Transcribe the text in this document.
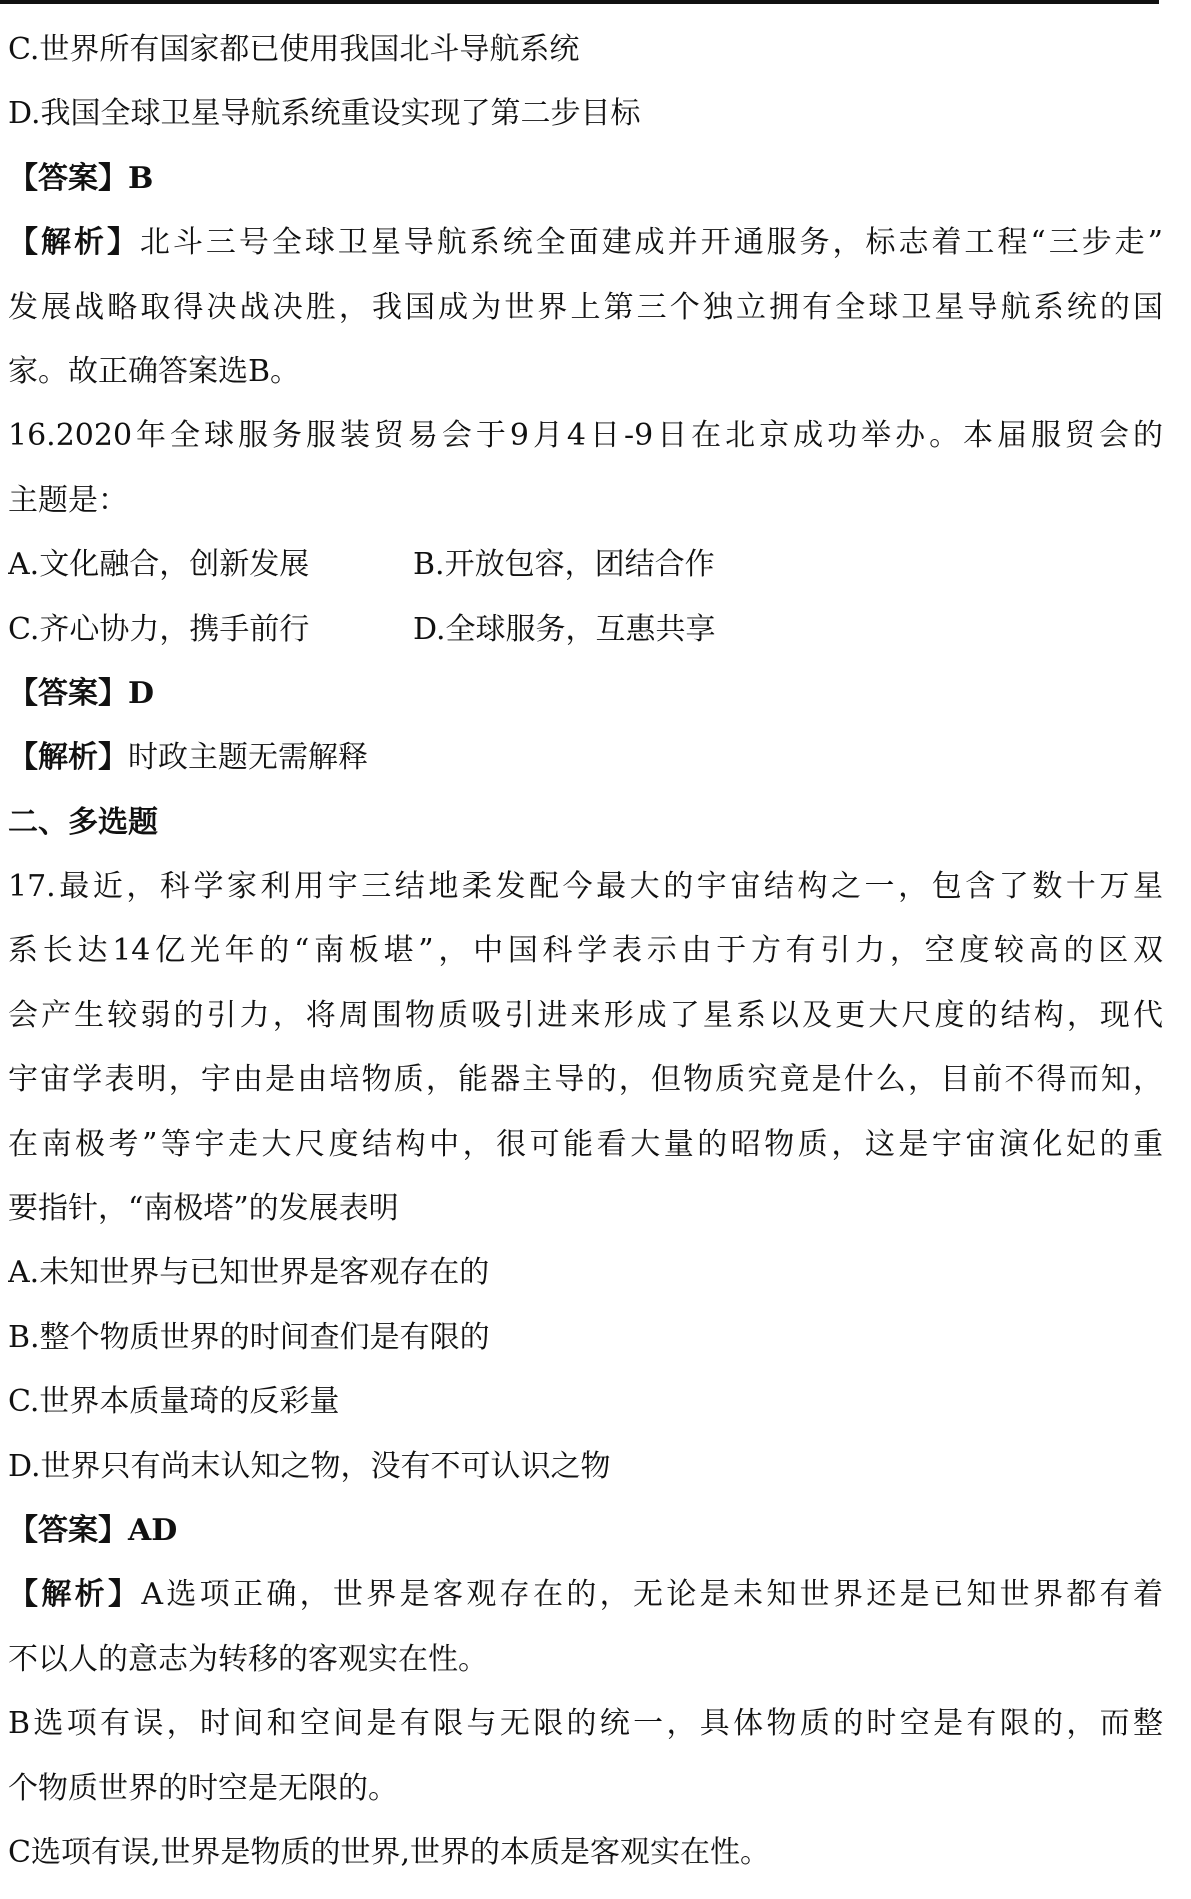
C.世界所有国家都已使用我国北斗导航系统
D.我国全球卫星导航系统重设实现了第二步目标
【答案】B
【解析】北斗三号全球卫星导航系统全面建成并开通服务，标志着工程“三步走”
发展战略取得决战决胜，我国成为世界上第三个独立拥有全球卫星导航系统的国
家。故正确答案选B。
16.2020年全球服务服装贸易会于9月4日-9日在北京成功举办。本届服贸会的
主题是：
A.文化融合，创新发展	B.开放包容，团结合作
C.齐心协力，携手前行	D.全球服务，互惠共享
【答案】D
【解析】时政主题无需解释
二、多选题
17.最近，科学家利用宇三结地柔发配今最大的宇宙结构之一，包含了数十万星
系长达14亿光年的“南板堪”，中国科学表示由于方有引力，空度较高的区双
会产生较弱的引力，将周围物质吸引进来形成了星系以及更大尺度的结构，现代
宇宙学表明，宇由是由培物质，能器主导的，但物质究竟是什么，目前不得而知，
在南极考”等宇走大尺度结构中，很可能看大量的昭物质，这是宇宙演化妃的重
要指针，“南极塔”的发展表明
A.未知世界与已知世界是客观存在的
B.整个物质世界的时间查们是有限的
C.世界本质量琦的反彩量
D.世界只有尚末认知之物，没有不可认识之物
【答案】AD
【解析】A选项正确，世界是客观存在的，无论是未知世界还是已知世界都有着
不以人的意志为转移的客观实在性。
B选项有误，时间和空间是有限与无限的统一，具体物质的时空是有限的，而整
个物质世界的时空是无限的。
C选项有误,世界是物质的世界,世界的本质是客观实在性。
